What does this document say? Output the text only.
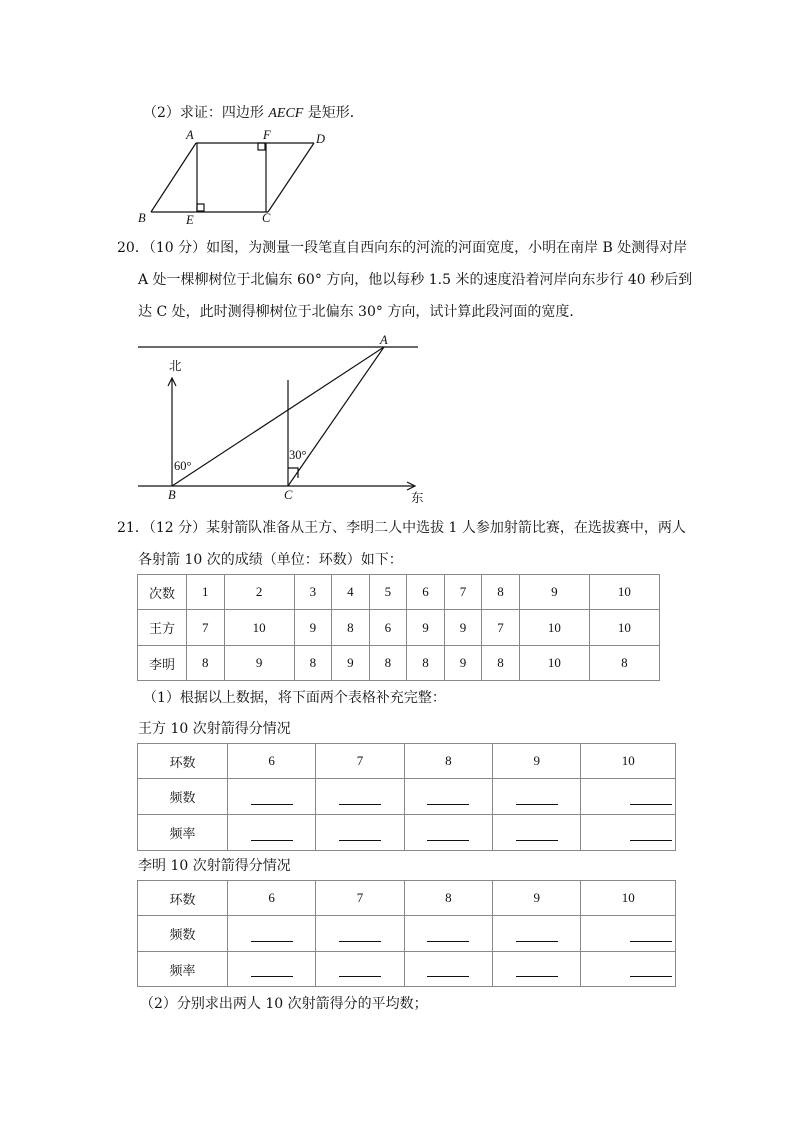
（2）求证：四边形 AECF 是矩形．
A	F	D
B	E	C
20．（10 分）如图，为测量一段笔直自西向东的河流的河面宽度，小明在南岸 B 处测得对岸
A 处一棵柳树位于北偏东 60° 方向，他以每秒 1.5 米的速度沿着河岸向东步行 40 秒后到
达 C 处，此时测得柳树位于北偏东 30° 方向，试计算此段河面的宽度．
北
东
A
B	C
60°
30°
21．（12 分）某射箭队准备从王方、李明二人中选拔 1 人参加射箭比赛，在选拔赛中，两人
各射箭 10 次的成绩（单位：环数）如下：
次数	1	2	3	4	5	6	7	8	9	10
王方	7	10	9	8	6	9	9	7	10	10
李明	8	9	8	9	8	8	9	8	10	8
（1）根据以上数据，将下面两个表格补充完整：
王方 10 次射箭得分情况
环数	6	7	8	9	10
频数					
频率					
李明 10 次射箭得分情况
环数	6	7	8	9	10
频数					
频率					
（2）分别求出两人 10 次射箭得分的平均数；
